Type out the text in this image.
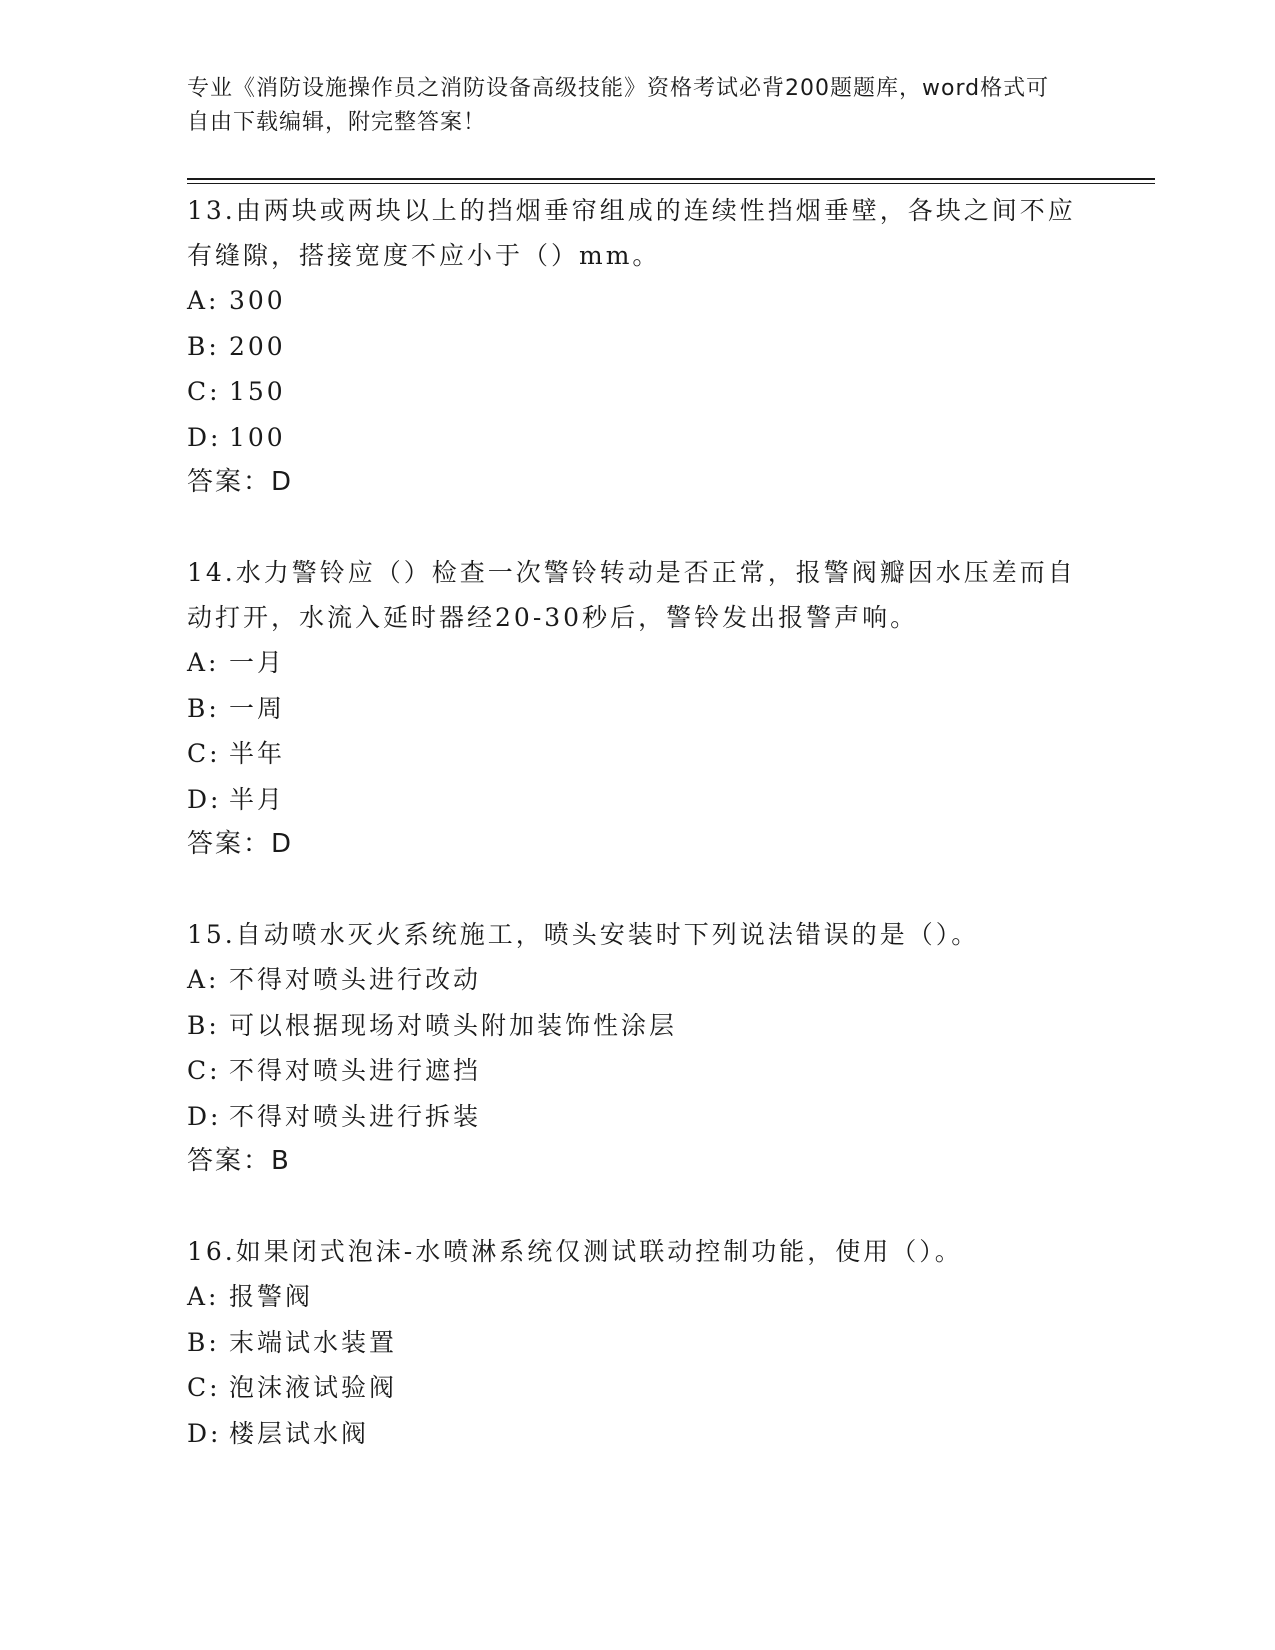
专业《消防设施操作员之消防设备高级技能》资格考试必背200题题库，word格式可自由下载编辑，附完整答案！

13.由两块或两块以上的挡烟垂帘组成的连续性挡烟垂壁，各块之间不应有缝隙，搭接宽度不应小于（）mm。

A: 300
B: 200
C: 150
D: 100
答案：D

14.水力警铃应（）检查一次警铃转动是否正常，报警阀瓣因水压差而自动打开，水流入延时器经20-30秒后，警铃发出报警声响。

A: 一月
B: 一周
C: 半年
D: 半月
答案：D

15.自动喷水灭火系统施工，喷头安装时下列说法错误的是（）。

A: 不得对喷头进行改动
B: 可以根据现场对喷头附加装饰性涂层
C: 不得对喷头进行遮挡
D: 不得对喷头进行拆装
答案：B

16.如果闭式泡沫-水喷淋系统仅测试联动控制功能，使用（）。

A: 报警阀
B: 末端试水装置
C: 泡沫液试验阀
D: 楼层试水阀
